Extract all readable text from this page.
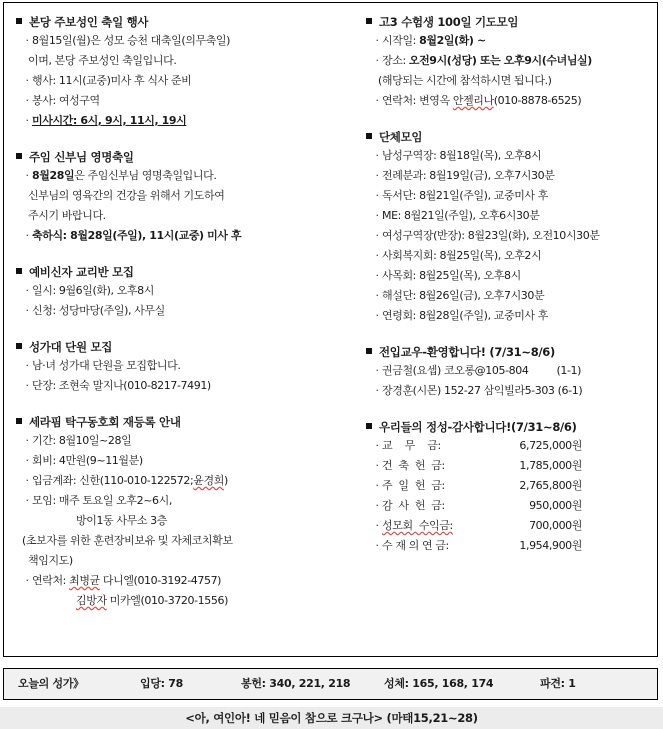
본당 주보성인 축일 행사
· 8월15일(월)은 성모 승천 대축일(의무축일)
이며, 본당 주보성인 축일입니다.
· 행사: 11시(교중)미사 후 식사 준비
· 봉사: 여성구역
· 미사시간: 6시, 9시, 11시, 19시
주임 신부님 영명축일
· 8월28일은 주임신부님 영명축일입니다.
신부님의 영육간의 건강을 위해서 기도하여
주시기 바랍니다.
· 축하식: 8월28일(주일), 11시(교중) 미사 후
예비신자 교리반 모집
· 일시: 9월6일(화), 오후8시
· 신청: 성당마당(주일), 사무실
성가대 단원 모집
· 남·녀 성가대 단원을 모집합니다.
· 단장: 조현숙 말지나(010-8217-7491)
세라핌 탁구동호회 재등록 안내
· 기간: 8월10일~28일
· 회비: 4만원(9~11월분)
· 입금계좌: 신한(110-010-122572;윤경희)
· 모임: 매주 토요일 오후2~6시,
방이1동 사무소 3층
(초보자를 위한 훈련장비보유 및 자체코치확보
책임지도)
· 연락처: 최병균 다니엘(010-3192-4757)
김방자 미카엘(010-3720-1556)
고3 수험생 100일 기도모임
· 시작일: 8월2일(화) ~
· 장소: 오전9시(성당) 또는 오후9시(수녀님실)
(해당되는 시간에 참석하시면 됩니다.)
· 연락처: 변영옥 안젤리나(010-8878-6525)
단체모임
· 남성구역장: 8월18일(목), 오후8시
· 전례분과: 8월19일(금), 오후7시30분
· 독서단: 8월21일(주일), 교중미사 후
· ME: 8월21일(주일), 오후6시30분
· 여성구역장(반장): 8월23일(화), 오전10시30분
· 사회복지회: 8월25일(목), 오후2시
· 사목회: 8월25일(목), 오후8시
· 해설단: 8월26일(금), 오후7시30분
· 연령회: 8월28일(주일), 교중미사 후
전입교우-환영합니다! (7/31~8/6)
· 권금철(요셉) 코오롱@105-804	(1-1)
· 장경훈(시몬) 152-27 삼익빌라5-303 (6-1)
우리들의 정성-감사합니다!(7/31~8/6)
· 교    무    금:	6,725,000원
· 건  축  헌  금:	1,785,000원
· 주  일  헌  금:	2,765,800원
· 감  사  헌  금:	950,000원
· 성모회  수익금:	700,000원
· 수 재 의 연 금:	1,954,900원
오늘의 성가》	입당: 78	봉헌: 340, 221, 218	성체: 165, 168, 174	파견: 1
<아, 여인아! 네 믿음이 참으로 크구나> (마태15,21~28)
